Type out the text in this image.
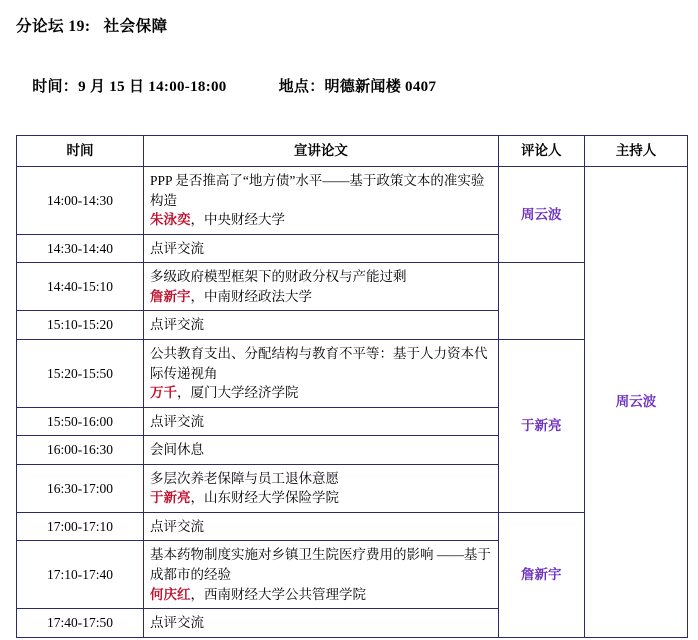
分论坛 19:   社会保障

时间：9 月 15 日 14:00-18:00	地点：明德新闻楼 0407

时间	宣讲论文	评论人	主持人
14:00-14:30	PPP 是否推高了“地方债”水平——基于政策文本的准实验构造
朱泳奕，中央财经大学	周云波	周云波
14:30-14:40	点评交流		
14:40-15:10	多级政府模型框架下的财政分权与产能过剩
詹新宇，中南财经政法大学		

15:10-15:20	点评交流		
15:20-15:50	公共教育支出、分配结构与教育不平等：基于人力资本代际传递视角
万千，厦门大学经济学院	于新亮	
15:50-16:00	点评交流		
16:00-16:30	会间休息		
16:30-17:00	多层次养老保障与员工退休意愿
于新亮，山东财经大学保险学院		

17:00-17:10	点评交流	詹新宇	
17:10-17:40	基本药物制度实施对乡镇卫生院医疗费用的影响 ——基于成都市的经验
何庆红，西南财经大学公共管理学院		

17:40-17:50	点评交流		
